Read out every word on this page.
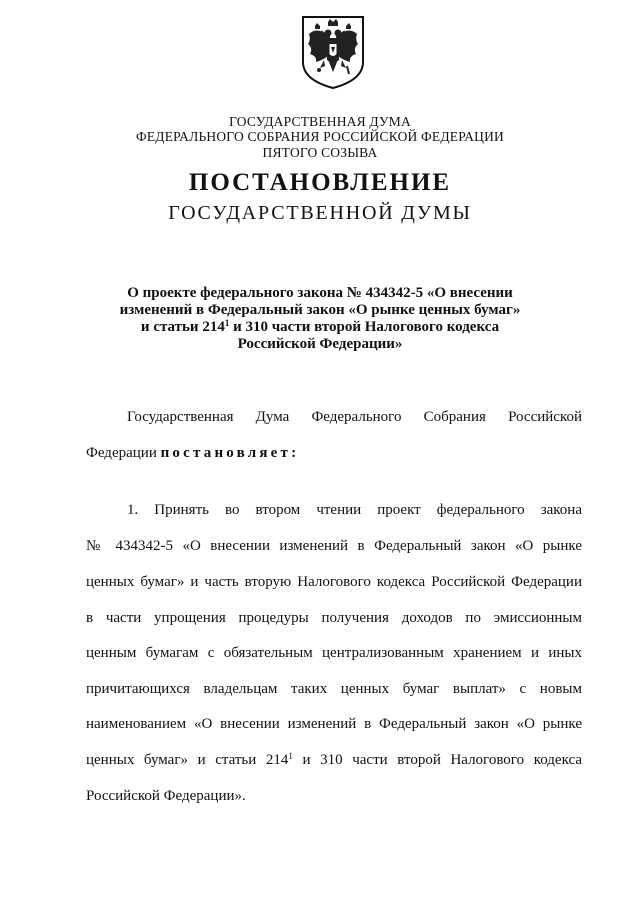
ГОСУДАРСТВЕННАЯ ДУМА
ФЕДЕРАЛЬНОГО СОБРАНИЯ РОССИЙСКОЙ ФЕДЕРАЦИИ
ПЯТОГО СОЗЫВА
ПОСТАНОВЛЕНИЕ
ГОСУДАРСТВЕННОЙ ДУМЫ
О проекте федерального закона № 434342-5 «О внесении
изменений в Федеральный закон «О рынке ценных бумаг»
и статьи $214^1$ и 310 части второй Налогового кодекса
Российской Федерации»
Государственная Дума Федерального Собрания Российской
Федерации постановляет:
1. Принять во втором чтении проект федерального закона
№ 434342-5 «О внесении изменений в Федеральный закон «О рынке
ценных бумаг» и часть вторую Налогового кодекса Российской Федерации
в части упрощения процедуры получения доходов по эмиссионным
ценным бумагам с обязательным централизованным хранением и иных
причитающихся владельцам таких ценных бумаг выплат» с новым
наименованием «О внесении изменений в Федеральный закон «О рынке
ценных бумаг» и статьи $214^1$ и 310 части второй Налогового кодекса
Российской Федерации».
